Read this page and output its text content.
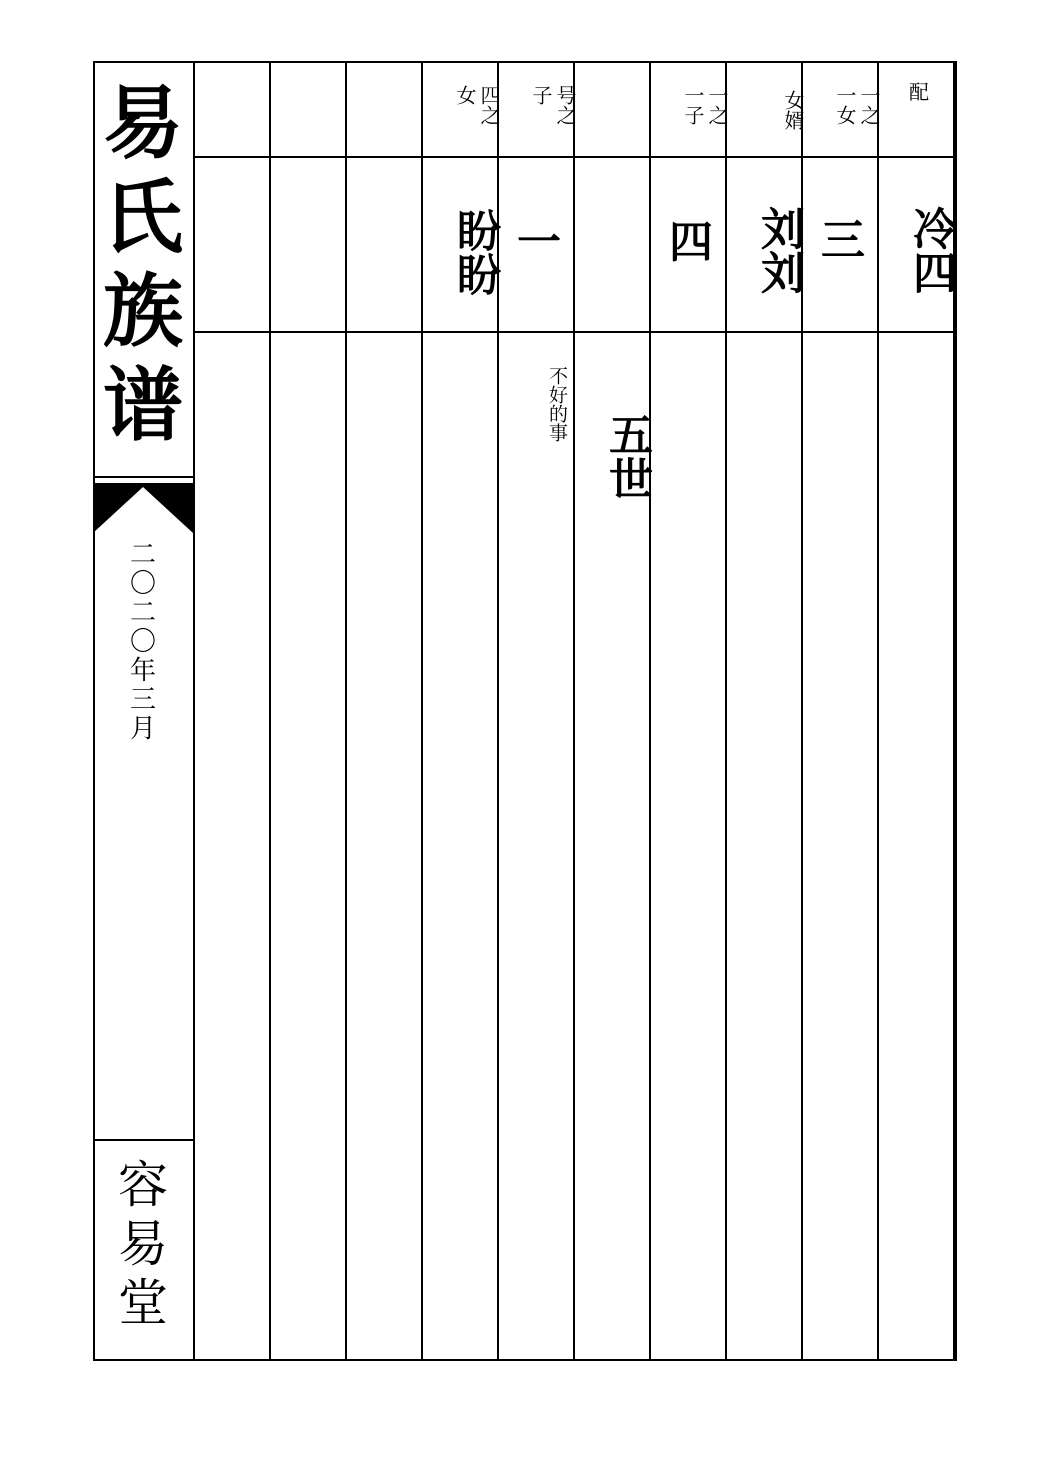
易
氏
族
谱
二
〇
二
〇
年
三
月
容
易
堂
配
冷四
一之一女
三
女婿
刘刘
一之一子
四
五世
号之子
一
不好的事
四之女
盼盼
